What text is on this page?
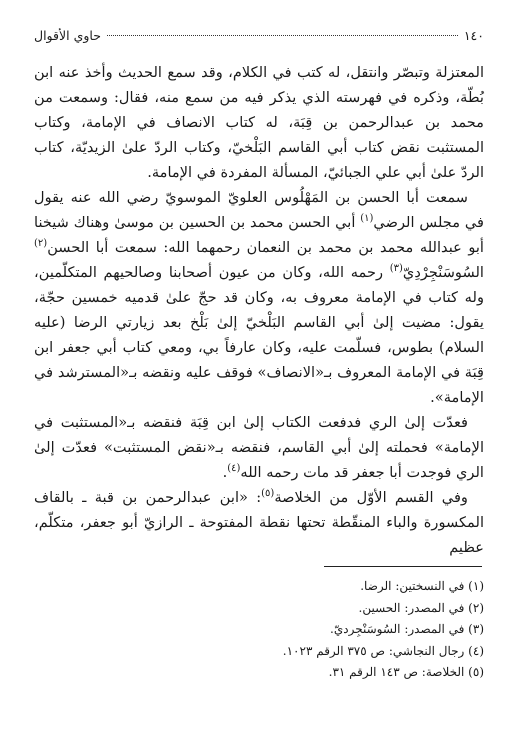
١٤٠
حاوي الأقوال

المعتزلة وتبصّر وانتقل، له كتب في الكلام، وقد سمع الحديث وأخذ عنه ابن بُطّة، وذكره في فهرسته الذي يذكر فيه من سمع منه، فقال: وسمعت من محمد بن عبدالرحمن بن قِبَة، له كتاب الانصاف في الإمامة، وكتاب المستثبت نقض كتاب أبي القاسم البَلْخيّ، وكتاب الردّ علىٰ الزيديّة، كتاب الردّ علىٰ أبي علي الجبائيّ، المسألة المفردة في الإمامة.

سمعت أبا الحسن بن المَهْلُوس العلويّ الموسويّ رضي الله عنه يقول في مجلس الرضي$^{(١)}$ أبي الحسن محمد بن الحسين بن موسىٰ وهناك شيخنا أبو عبدالله محمد بن محمد بن النعمان رحمهما الله: سمعت أبا الحسن$^{(٢)}$ السُوسَنْجِرْدِيّ$^{(٣)}$ رحمه الله، وكان من عيون أصحابنا وصالحيهم المتكلّمين، وله كتاب في الإمامة معروف به، وكان قد حجّ علىٰ قدميه خمسين حجّة، يقول: مضيت إلىٰ أبي القاسم البَلْخيّ إلىٰ بَلْخ بعد زيارتي الرضا (عليه السلام) بطوس، فسلّمت عليه، وكان عارفاً بي، ومعي كتاب أبي جعفر ابن قِبَة في الإمامة المعروف بـ«الانصاف» فوقف عليه ونقضه بـ«المسترشد في الإمامة».

فعدّت إلىٰ الري فدفعت الكتاب إلىٰ ابن قِبَة فنقضه بـ«المستثبت في الإمامة» فحملته إلىٰ أبي القاسم، فنقضه بـ«نقض المستثبت» فعدّت إلىٰ الري فوجدت أبا جعفر قد مات رحمه الله$^{(٤)}$.

وفي القسم الأوّل من الخلاصة$^{(٥)}$: «ابن عبدالرحمن بن قبة ـ بالقاف المكسورة والباء المنقّطة تحتها نقطة المفتوحة ـ الرازيّ أبو جعفر، متكلّم، عظيم

(١) في النسختين: الرضا.
(٢) في المصدر: الحسين.
(٣) في المصدر: السُوسَنْجِرديّ.
(٤) رجال النجاشي: ص ٣٧٥ الرقم ١٠٢٣.
(٥) الخلاصة: ص ١٤٣ الرقم ٣١.
